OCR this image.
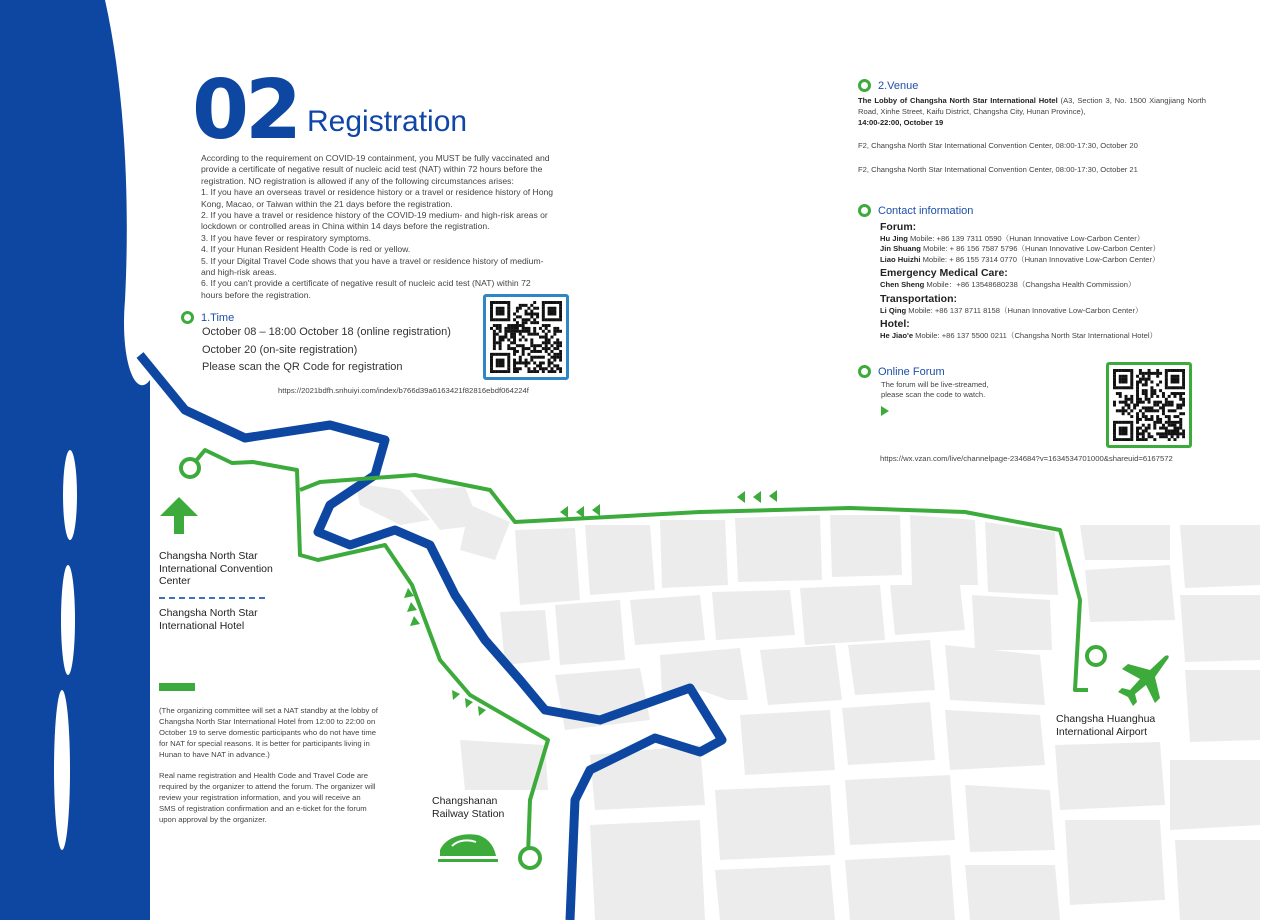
02 Registration
According to the requirement on COVID-19 containment, you MUST be fully vaccinated and
provide a certificate of negative result of nucleic acid test (NAT) within 72 hours before the
registration. NO registration is allowed if any of the following circumstances arises:
1. If you have an overseas travel or residence history or a travel or residence history of Hong
Kong, Macao, or Taiwan within the 21 days before the registration.
2. If you have a travel or residence history of the COVID-19 medium- and high-risk areas or
lockdown or controlled areas in China within 14 days before the registration.
3. If you have fever or respiratory symptoms.
4. If your Hunan Resident Health Code is red or yellow.
5. If your Digital Travel Code shows that you have a travel or residence history of medium-
and high-risk areas.
6. If you can't provide a certificate of negative result of nucleic acid test (NAT) within 72
hours before the registration.
1.Time
October 08 – 18:00 October 18 (online registration)
October 20 (on-site registration)
Please scan the QR Code for registration
https://2021bdfh.snhuiyi.com/index/b766d39a6163421f82816ebdf064224f
2.Venue

The Lobby of Changsha North Star International Hotel (A3, Section 3, No. 1500 Xiangjiang North Road, Xinhe Street, Kaifu District, Changsha City, Hunan Province),
14:00-22:00, October 19

F2, Changsha North Star International Convention Center, 08:00-17:30, October 20

F2, Changsha North Star International Convention Center, 08:00-17:30, October 21

Contact information
Forum:
Hu Jing Mobile: +86 139 7311 0590（Hunan Innovative Low-Carbon Center）
Jin Shuang Mobile: + 86 156 7587 5796（Hunan Innovative Low-Carbon Center）
Liao Huizhi Mobile: + 86 155 7314 0770（Hunan Innovative Low-Carbon Center）
Emergency Medical Care:
Chen Sheng Mobile：+86 13548680238（Changsha Health Commission）
Transportation:
Li Qing Mobile: +86 137 8711 8158（Hunan Innovative Low-Carbon Center）
Hotel:
He Jiao'e Mobile: +86 137 5500 0211（Changsha North Star International Hotel）
Online Forum
The forum will be live-streamed,
please scan the code to watch.
https://wx.vzan.com/live/channelpage-234684?v=1634534701000&shareuid=6167572
Changsha North Star
International Convention
Center
Changsha North Star
International Hotel
Changsha Huanghua
International Airport
Changshanan
Railway Station

(The organizing committee will set a NAT standby at the lobby of Changsha North Star International Hotel from 12:00 to 22:00 on October 19 to serve domestic participants who do not have time for NAT for special reasons. It is better for participants living in Hunan to have NAT in advance.)

Real name registration and Health Code and Travel Code are required by the organizer to attend the forum. The organizer will review your registration information, and you will receive an SMS of registration confirmation and an e-ticket for the forum upon approval by the organizer.
